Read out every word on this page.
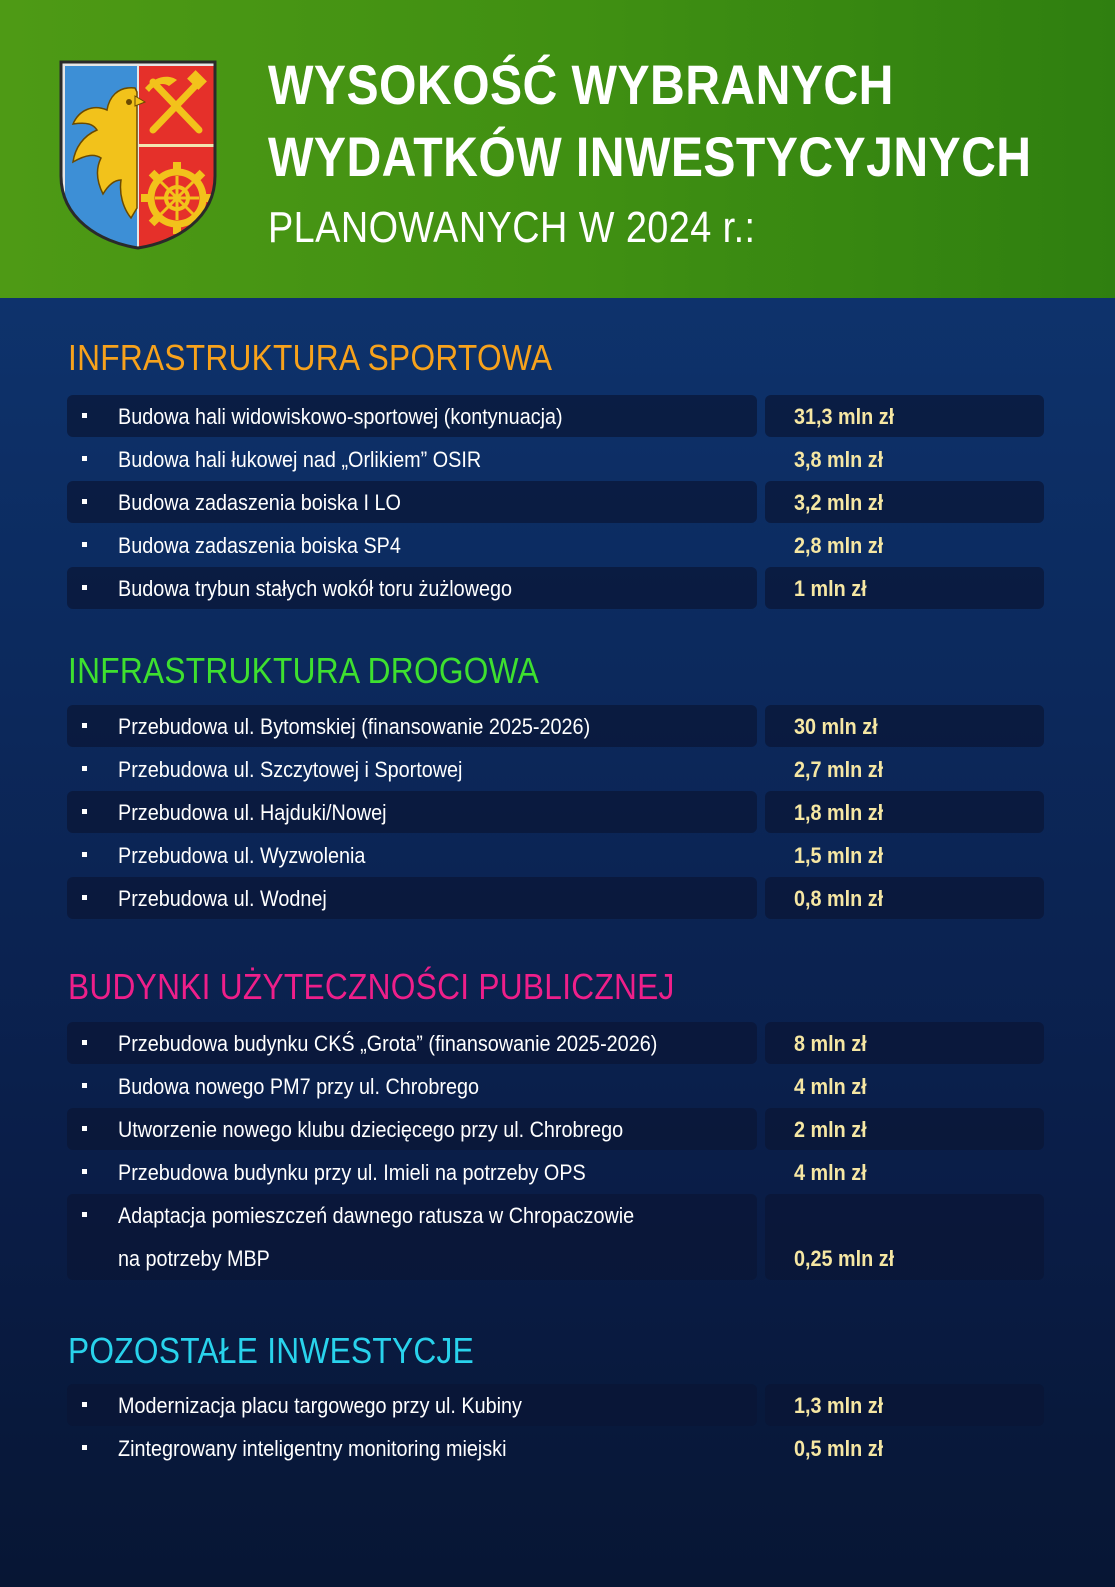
WYSOKOŚĆ WYBRANYCH
WYDATKÓW INWESTYCYJNYCH
PLANOWANYCH W 2024 r.:
INFRASTRUKTURA SPORTOWA
Budowa hali widowiskowo-sportowej (kontynuacja)	31,3 mln zł
Budowa hali łukowej nad „Orlikiem” OSIR	3,8 mln zł
Budowa zadaszenia boiska I LO	3,2 mln zł
Budowa zadaszenia boiska SP4	2,8 mln zł
Budowa trybun stałych wokół toru żużlowego	1 mln zł
INFRASTRUKTURA DROGOWA
Przebudowa ul. Bytomskiej (finansowanie 2025-2026)	30 mln zł
Przebudowa ul. Szczytowej i Sportowej	2,7 mln zł
Przebudowa ul. Hajduki/Nowej	1,8 mln zł
Przebudowa ul. Wyzwolenia	1,5 mln zł
Przebudowa ul. Wodnej	0,8 mln zł
BUDYNKI UŻYTECZNOŚCI PUBLICZNEJ
Przebudowa budynku CKŚ „Grota” (finansowanie 2025-2026)	8 mln zł
Budowa nowego PM7 przy ul. Chrobrego	4 mln zł
Utworzenie nowego klubu dziecięcego przy ul. Chrobrego	2 mln zł
Przebudowa budynku przy ul. Imieli na potrzeby OPS	4 mln zł
Adaptacja pomieszczeń dawnego ratusza w Chropaczowie
na potrzeby MBP	0,25 mln zł
POZOSTAŁE INWESTYCJE
Modernizacja placu targowego przy ul. Kubiny	1,3 mln zł
Zintegrowany inteligentny monitoring miejski	0,5 mln zł
